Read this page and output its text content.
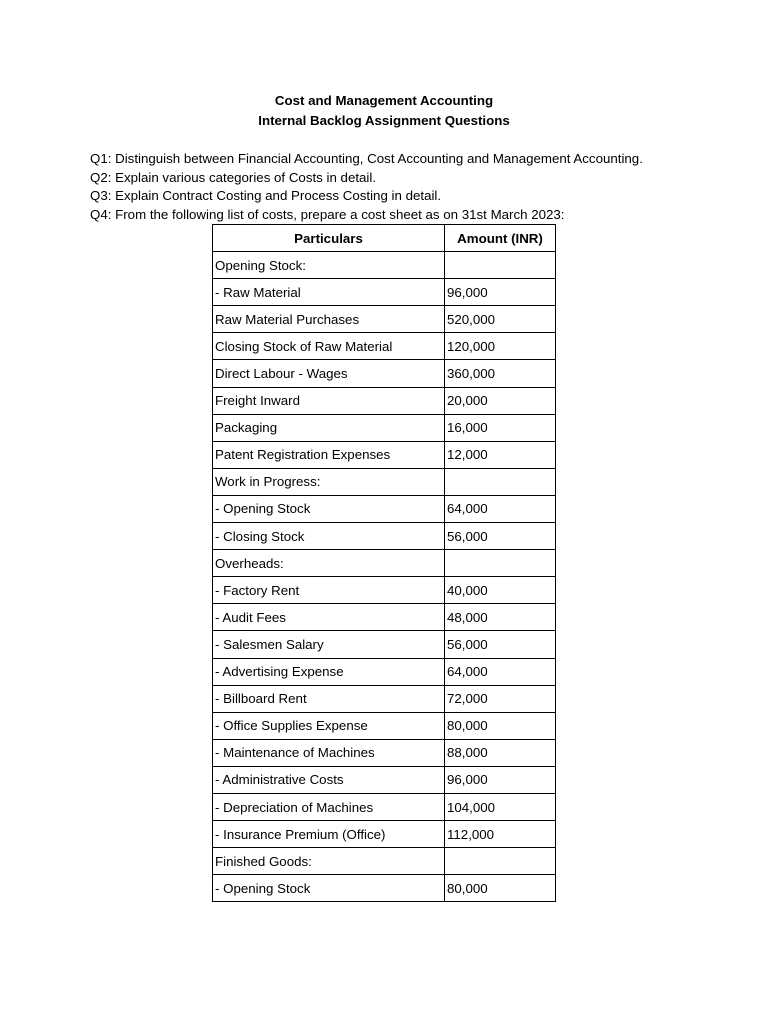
Cost and Management Accounting
Internal Backlog Assignment Questions
Q1: Distinguish between Financial Accounting, Cost Accounting and Management Accounting.
Q2: Explain various categories of Costs in detail.
Q3: Explain Contract Costing and Process Costing in detail.
Q4: From the following list of costs, prepare a cost sheet as on 31st March 2023:
Particulars	Amount (INR)
Opening Stock:	
- Raw Material	96,000
Raw Material Purchases	520,000
Closing Stock of Raw Material	120,000
Direct Labour - Wages	360,000
Freight Inward	20,000
Packaging	16,000
Patent Registration Expenses	12,000
Work in Progress:	
- Opening Stock	64,000
- Closing Stock	56,000
Overheads:	
- Factory Rent	40,000
- Audit Fees	48,000
- Salesmen Salary	56,000
- Advertising Expense	64,000
- Billboard Rent	72,000
- Office Supplies Expense	80,000
- Maintenance of Machines	88,000
- Administrative Costs	96,000
- Depreciation of Machines	104,000
- Insurance Premium (Office)	112,000
Finished Goods:	
- Opening Stock	80,000
